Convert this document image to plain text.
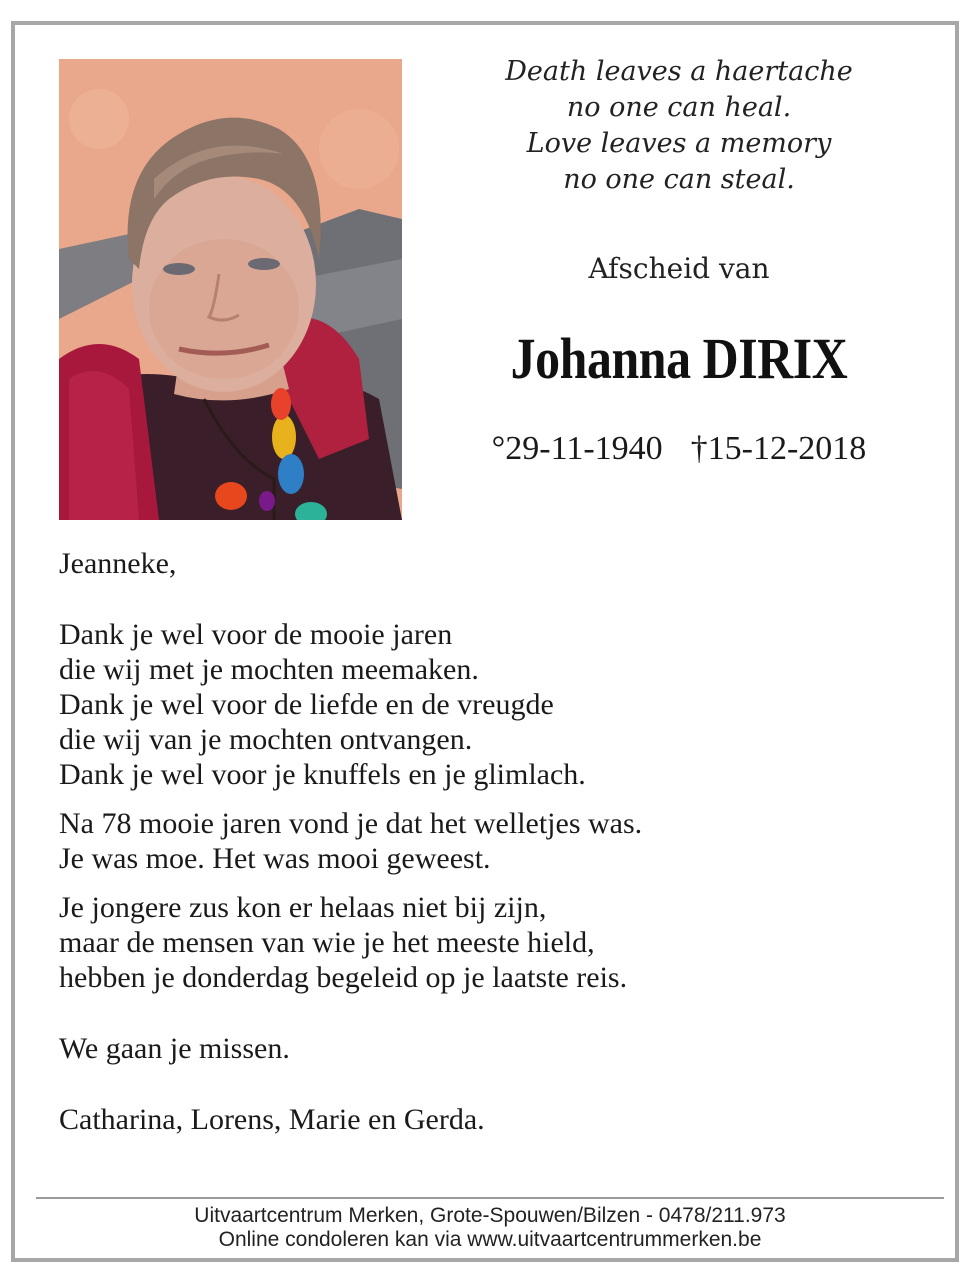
Death leaves a haertache
no one can heal.
Love leaves a memory
no one can steal.
Afscheid van
Johanna DIRIX
°29-11-1940 †15-12-2018
Jeanneke,
Dank je wel voor de mooie jaren
die wij met je mochten meemaken.
Dank je wel voor de liefde en de vreugde
die wij van je mochten ontvangen.
Dank je wel voor je knuffels en je glimlach.
Na 78 mooie jaren vond je dat het welletjes was.
Je was moe. Het was mooi geweest.
Je jongere zus kon er helaas niet bij zijn,
maar de mensen van wie je het meeste hield,
hebben je donderdag begeleid op je laatste reis.
We gaan je missen.
Catharina, Lorens, Marie en Gerda.
Uitvaartcentrum Merken, Grote-Spouwen/Bilzen - 0478/211.973
Online condoleren kan via www.uitvaartcentrummerken.be
